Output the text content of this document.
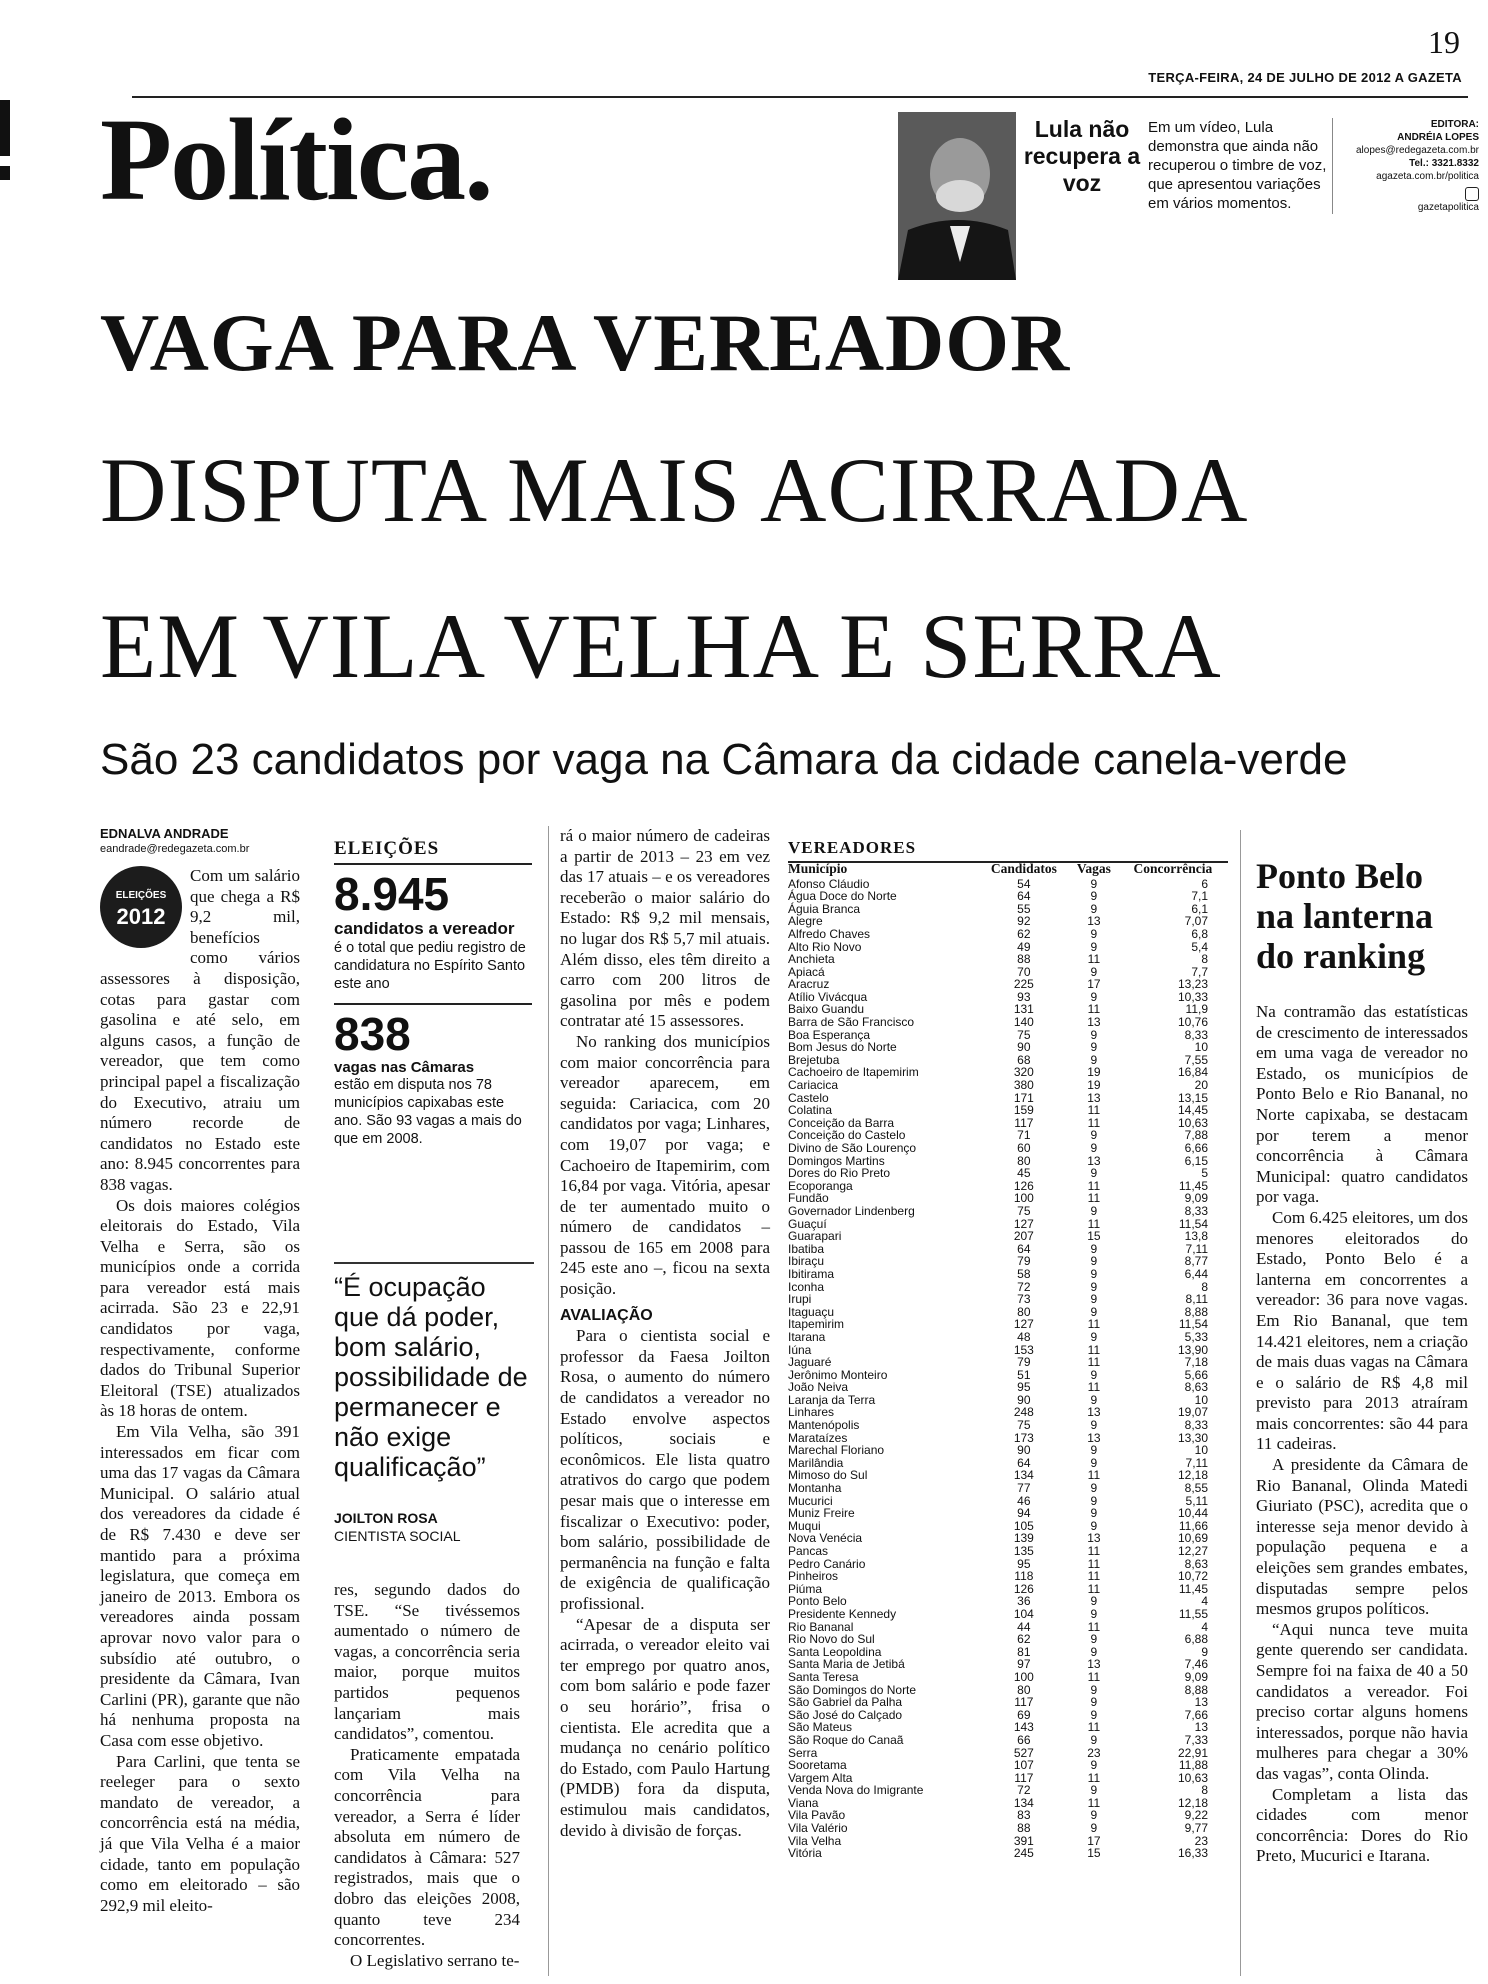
19
TERÇA-FEIRA, 24 DE JULHO DE 2012 A GAZETA
Política.	Lula não recupera a voz
Em um vídeo, Lula demonstra que ainda não recuperou o timbre de voz, que apresentou variações em vários momentos.
EDITORA:
ANDRÉIA LOPES
alopes@redegazeta.com.br
Tel.: 3321.8332
agazeta.com.br/politica
gazetapolitica
VAGA PARA VEREADOR
DISPUTA MAIS ACIRRADA
EM VILA VELHA E SERRA
São 23 candidatos por vaga na Câmara da cidade canela-verde
EDNALVA ANDRADE
eandrade@redegazeta.com.br
ELEIÇÕES
2012

Com um salário que chega a R$ 9,2 mil, benefícios como vários assessores à disposição, cotas para gastar com gasolina e até selo, em alguns casos, a função de vereador, que tem como principal papel a fiscalização do Executivo, atraiu um número recorde de candidatos no Estado este ano: 8.945 concorrentes para 838 vagas.

Os dois maiores colégios eleitorais do Estado, Vila Velha e Serra, são os municípios onde a corrida para vereador está mais acirrada. São 23 e 22,91 candidatos por vaga, respectivamente, conforme dados do Tribunal Superior Eleitoral (TSE) atualizados às 18 horas de ontem.

Em Vila Velha, são 391 interessados em ficar com uma das 17 vagas da Câmara Municipal. O salário atual dos vereadores da cidade é de R$ 7.430 e deve ser mantido para a próxima legislatura, que começa em janeiro de 2013. Embora os vereadores ainda possam aprovar novo valor para o subsídio até outubro, o presidente da Câmara, Ivan Carlini (PR), garante que não há nenhuma proposta na Casa com esse objetivo.

Para Carlini, que tenta se reeleger para o sexto mandato de vereador, a concorrência está na média, já que Vila Velha é a maior cidade, tanto em população como em eleitorado – são 292,9 mil eleito-

ELEIÇÕES
8.945
candidatos a vereador
é o total que pediu registro de candidatura no Espírito Santo este ano
838
vagas nas Câmaras
estão em disputa nos 78 municípios capixabas este ano. São 93 vagas a mais do que em 2008.
“É ocupação que dá poder, bom salário, possibilidade de permanecer e não exige qualificação”
JOILTON ROSA
CIENTISTA SOCIAL

res, segundo dados do TSE. “Se tivéssemos aumentado o número de vagas, a concorrência seria maior, porque muitos partidos pequenos lançariam mais candidatos”, comentou.

Praticamente empatada com Vila Velha na concorrência para vereador, a Serra é líder absoluta em número de candidatos à Câmara: 527 registrados, mais que o dobro das eleições 2008, quanto teve 234 concorrentes.

O Legislativo serrano te-

rá o maior número de cadeiras a partir de 2013 – 23 em vez das 17 atuais – e os vereadores receberão o maior salário do Estado: R$ 9,2 mil mensais, no lugar dos R$ 5,7 mil atuais. Além disso, eles têm direito a carro com 200 litros de gasolina por mês e podem contratar até 15 assessores.

No ranking dos municípios com maior concorrência para vereador aparecem, em seguida: Cariacica, com 20 candidatos por vaga; Linhares, com 19,07 por vaga; e Cachoeiro de Itapemirim, com 16,84 por vaga. Vitória, apesar de ter aumentado muito o número de candidatos – passou de 165 em 2008 para 245 este ano –, ficou na sexta posição.

AVALIAÇÃO

Para o cientista social e professor da Faesa Joilton Rosa, o aumento do número de candidatos a vereador no Estado envolve aspectos políticos, sociais e econômicos. Ele lista quatro atrativos do cargo que podem pesar mais que o interesse em fiscalizar o Executivo: poder, bom salário, possibilidade de permanência na função e falta de exigência de qualificação profissional.

“Apesar de a disputa ser acirrada, o vereador eleito vai ter emprego por quatro anos, com bom salário e pode fazer o seu horário”, frisa o cientista. Ele acredita que a mudança no cenário político do Estado, com Paulo Hartung (PMDB) fora da disputa, estimulou mais candidatos, devido à divisão de forças.

VEREADORES
Município	Candidatos	Vagas	Concorrência
Afonso Cláudio	54	9	6
Água Doce do Norte	64	9	7,1
Águia Branca	55	9	6,1
Alegre	92	13	7,07
Alfredo Chaves	62	9	6,8
Alto Rio Novo	49	9	5,4
Anchieta	88	11	8
Apiacá	70	9	7,7
Aracruz	225	17	13,23
Atílio Vivácqua	93	9	10,33
Baixo Guandu	131	11	11,9
Barra de São Francisco	140	13	10,76
Boa Esperança	75	9	8,33
Bom Jesus do Norte	90	9	10
Brejetuba	68	9	7,55
Cachoeiro de Itapemirim	320	19	16,84
Cariacica	380	19	20
Castelo	171	13	13,15
Colatina	159	11	14,45
Conceição da Barra	117	11	10,63
Conceição do Castelo	71	9	7,88
Divino de São Lourenço	60	9	6,66
Domingos Martins	80	13	6,15
Dores do Rio Preto	45	9	5
Ecoporanga	126	11	11,45
Fundão	100	11	9,09
Governador Lindenberg	75	9	8,33
Guaçuí	127	11	11,54
Guarapari	207	15	13,8
Ibatiba	64	9	7,11
Ibiraçu	79	9	8,77
Ibitirama	58	9	6,44
Iconha	72	9	8
Irupi	73	9	8,11
Itaguaçu	80	9	8,88
Itapemirim	127	11	11,54
Itarana	48	9	5,33
Iúna	153	11	13,90
Jaguaré	79	11	7,18
Jerônimo Monteiro	51	9	5,66
João Neiva	95	11	8,63
Laranja da Terra	90	9	10
Linhares	248	13	19,07
Mantenópolis	75	9	8,33
Marataízes	173	13	13,30
Marechal Floriano	90	9	10
Marilândia	64	9	7,11
Mimoso do Sul	134	11	12,18
Montanha	77	9	8,55
Mucurici	46	9	5,11
Muniz Freire	94	9	10,44
Muqui	105	9	11,66
Nova Venécia	139	13	10,69
Pancas	135	11	12,27
Pedro Canário	95	11	8,63
Pinheiros	118	11	10,72
Piúma	126	11	11,45
Ponto Belo	36	9	4
Presidente Kennedy	104	9	11,55
Rio Bananal	44	11	4
Rio Novo do Sul	62	9	6,88
Santa Leopoldina	81	9	9
Santa Maria de Jetibá	97	13	7,46
Santa Teresa	100	11	9,09
São Domingos do Norte	80	9	8,88
São Gabriel da Palha	117	9	13
São José do Calçado	69	9	7,66
São Mateus	143	11	13
São Roque do Canaã	66	9	7,33
Serra	527	23	22,91
Sooretama	107	9	11,88
Vargem Alta	117	11	10,63
Venda Nova do Imigrante	72	9	8
Viana	134	11	12,18
Vila Pavão	83	9	9,22
Vila Valério	88	9	9,77
Vila Velha	391	17	23
Vitória	245	15	16,33
Ponto Belo na lanterna do ranking

Na contramão das estatísticas de crescimento de interessados em uma vaga de vereador no Estado, os municípios de Ponto Belo e Rio Bananal, no Norte capixaba, se destacam por terem a menor concorrência à Câmara Municipal: quatro candidatos por vaga.

Com 6.425 eleitores, um dos menores eleitorados do Estado, Ponto Belo é a lanterna em concorrentes a vereador: 36 para nove vagas. Em Rio Bananal, que tem 14.421 eleitores, nem a criação de mais duas vagas na Câmara e o salário de R$ 4,8 mil previsto para 2013 atraíram mais concorrentes: são 44 para 11 cadeiras.

A presidente da Câmara de Rio Bananal, Olinda Matedi Giuriato (PSC), acredita que o interesse seja menor devido à população pequena e a eleições sem grandes embates, disputadas sempre pelos mesmos grupos políticos.

“Aqui nunca teve muita gente querendo ser candidata. Sempre foi na faixa de 40 a 50 candidatos a vereador. Foi preciso cortar alguns homens interessados, porque não havia mulheres para chegar a 30% das vagas”, conta Olinda.

Completam a lista das cidades com menor concorrência: Dores do Rio Preto, Mucurici e Itarana.
